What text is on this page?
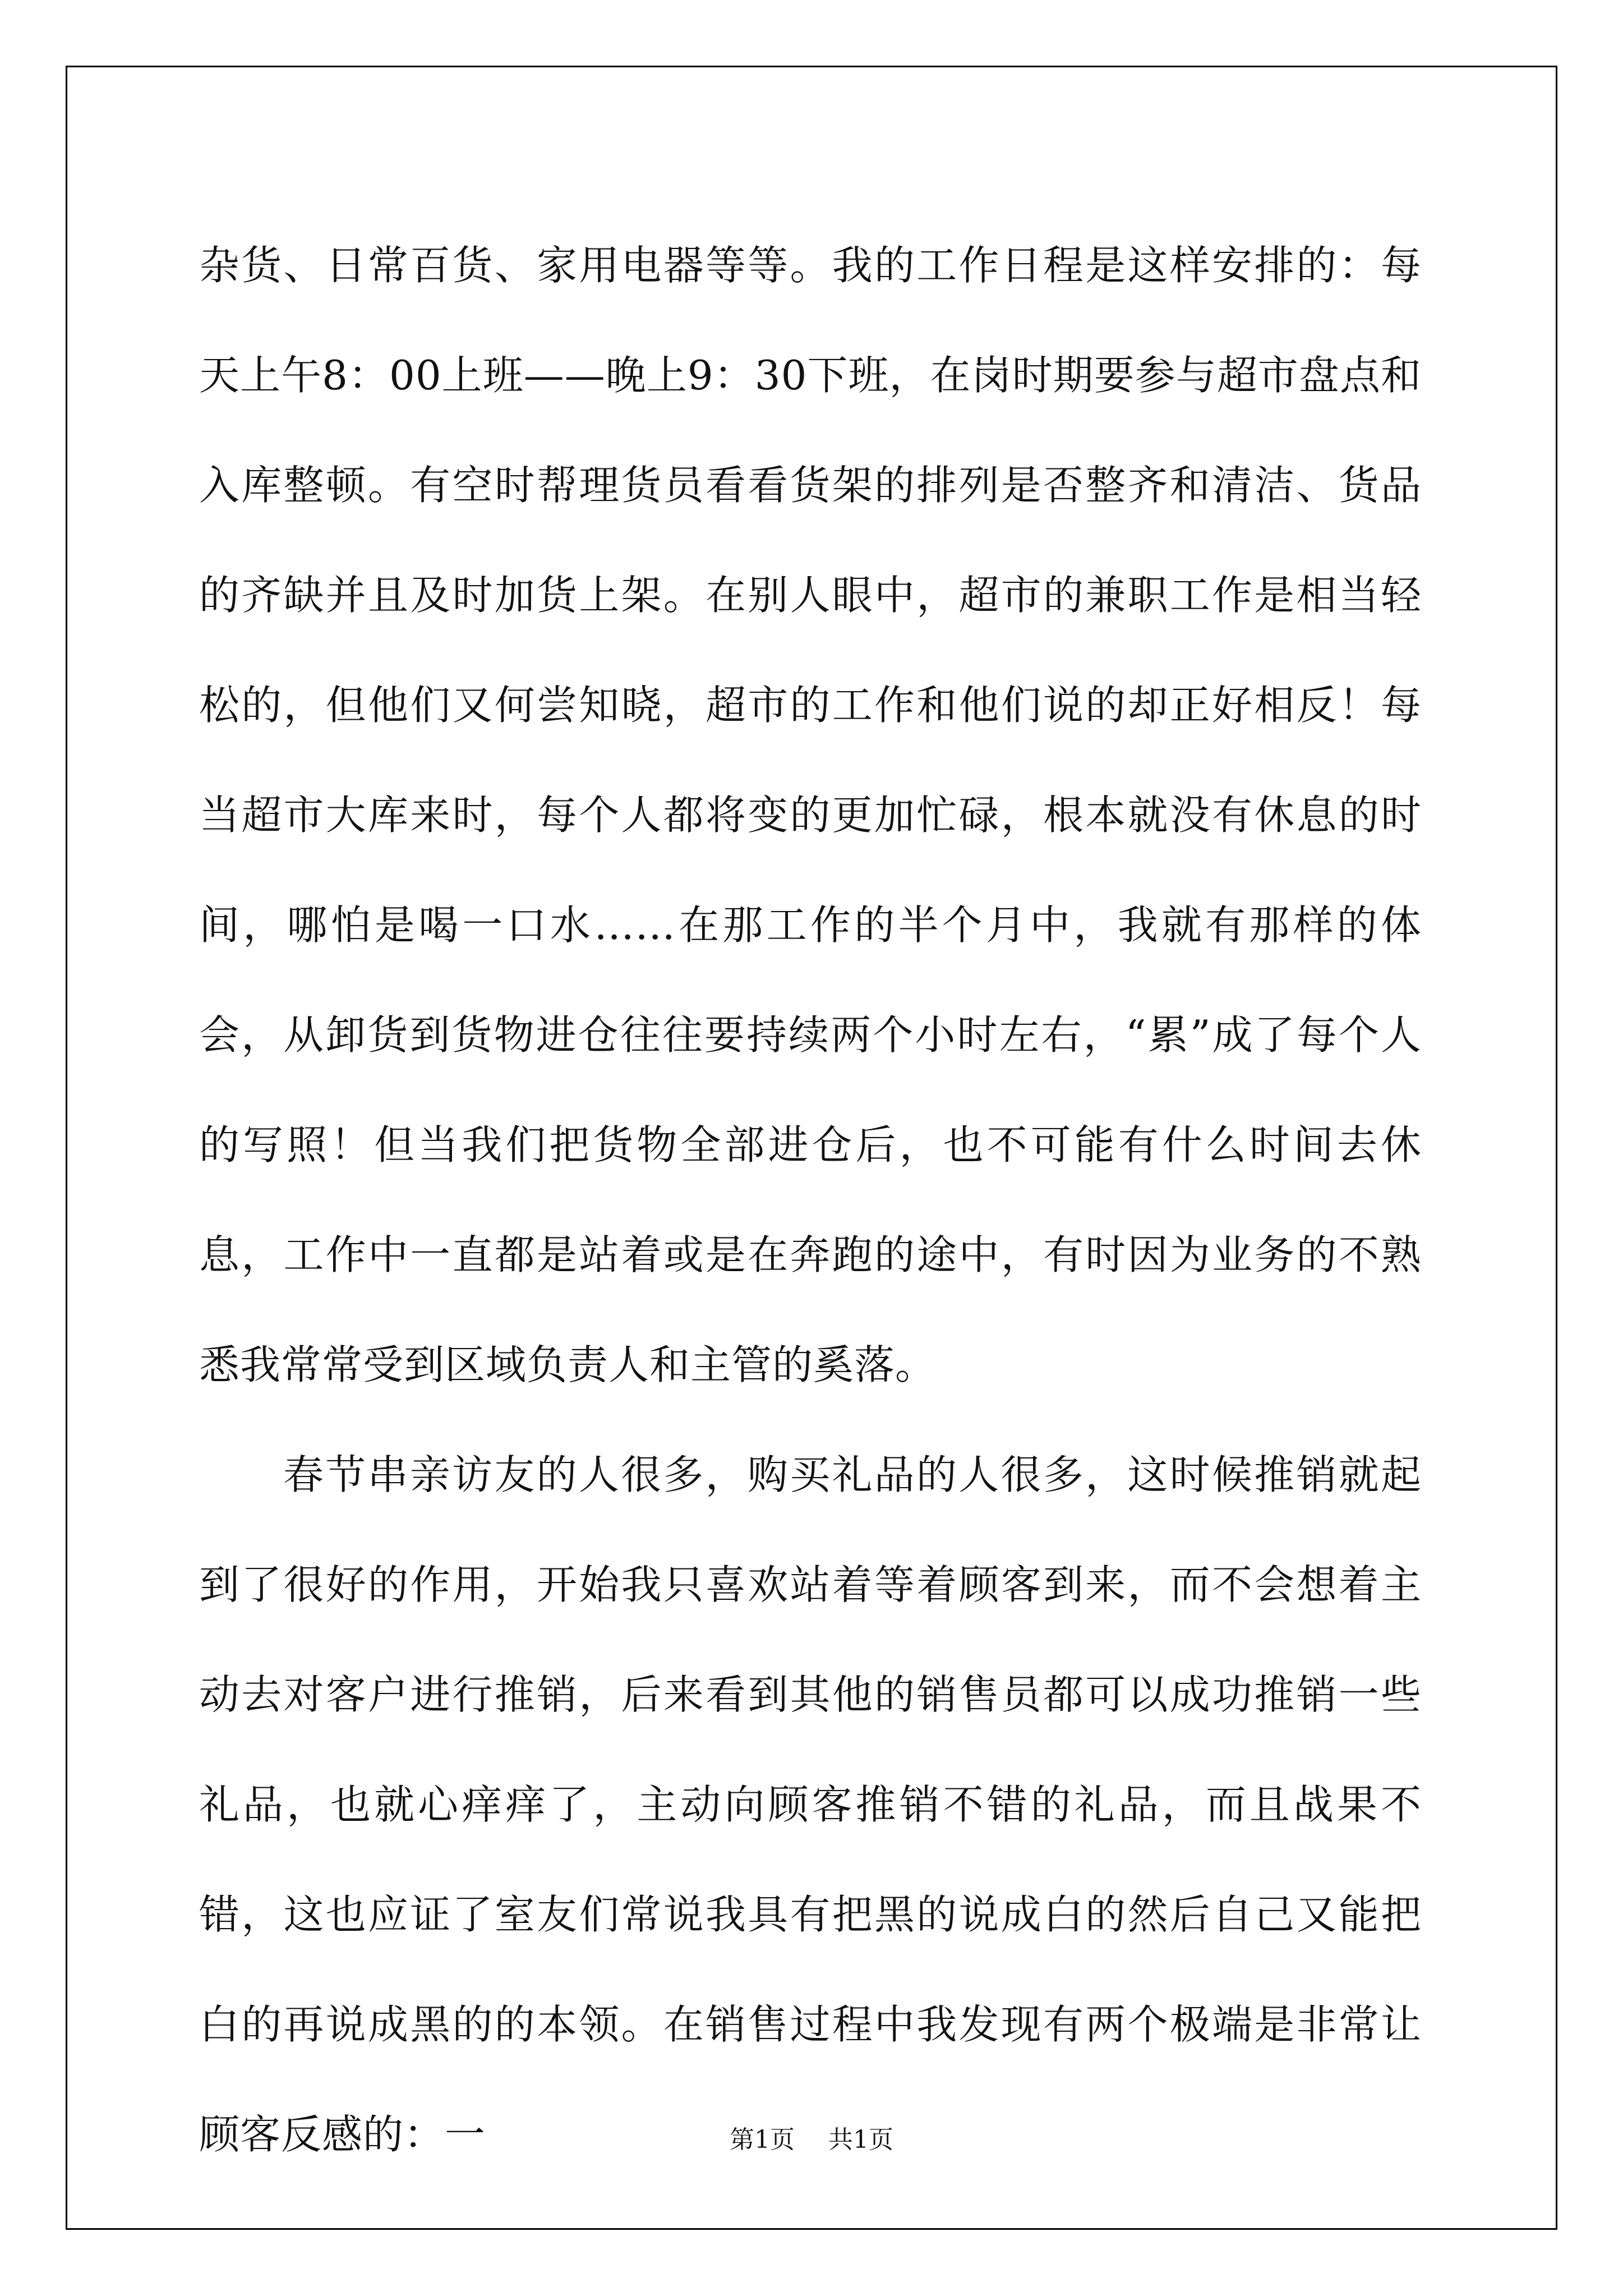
杂货、日常百货、家用电器等等。我的工作日程是这样安排的：每天上午8：00上班——晚上9：30下班，在岗时期要参与超市盘点和入库整顿。有空时帮理货员看看货架的排列是否整齐和清洁、货品的齐缺并且及时加货上架。在别人眼中，超市的兼职工作是相当轻松的，但他们又何尝知晓，超市的工作和他们说的却正好相反！每当超市大库来时，每个人都将变的更加忙碌，根本就没有休息的时间，哪怕是喝一口水……在那工作的半个月中，我就有那样的体会，从卸货到货物进仓往往要持续两个小时左右，“累”成了每个人的写照！但当我们把货物全部进仓后，也不可能有什么时间去休息，工作中一直都是站着或是在奔跑的途中，有时因为业务的不熟悉我常常受到区域负责人和主管的奚落。

春节串亲访友的人很多，购买礼品的人很多，这时候推销就起到了很好的作用，开始我只喜欢站着等着顾客到来，而不会想着主动去对客户进行推销，后来看到其他的销售员都可以成功推销一些礼品，也就心痒痒了，主动向顾客推销不错的礼品，而且战果不错，这也应证了室友们常说我具有把黑的说成白的然后自己又能把白的再说成黑的的本领。在销售过程中我发现有两个极端是非常让顾客反感的：一	第1页 共1页
